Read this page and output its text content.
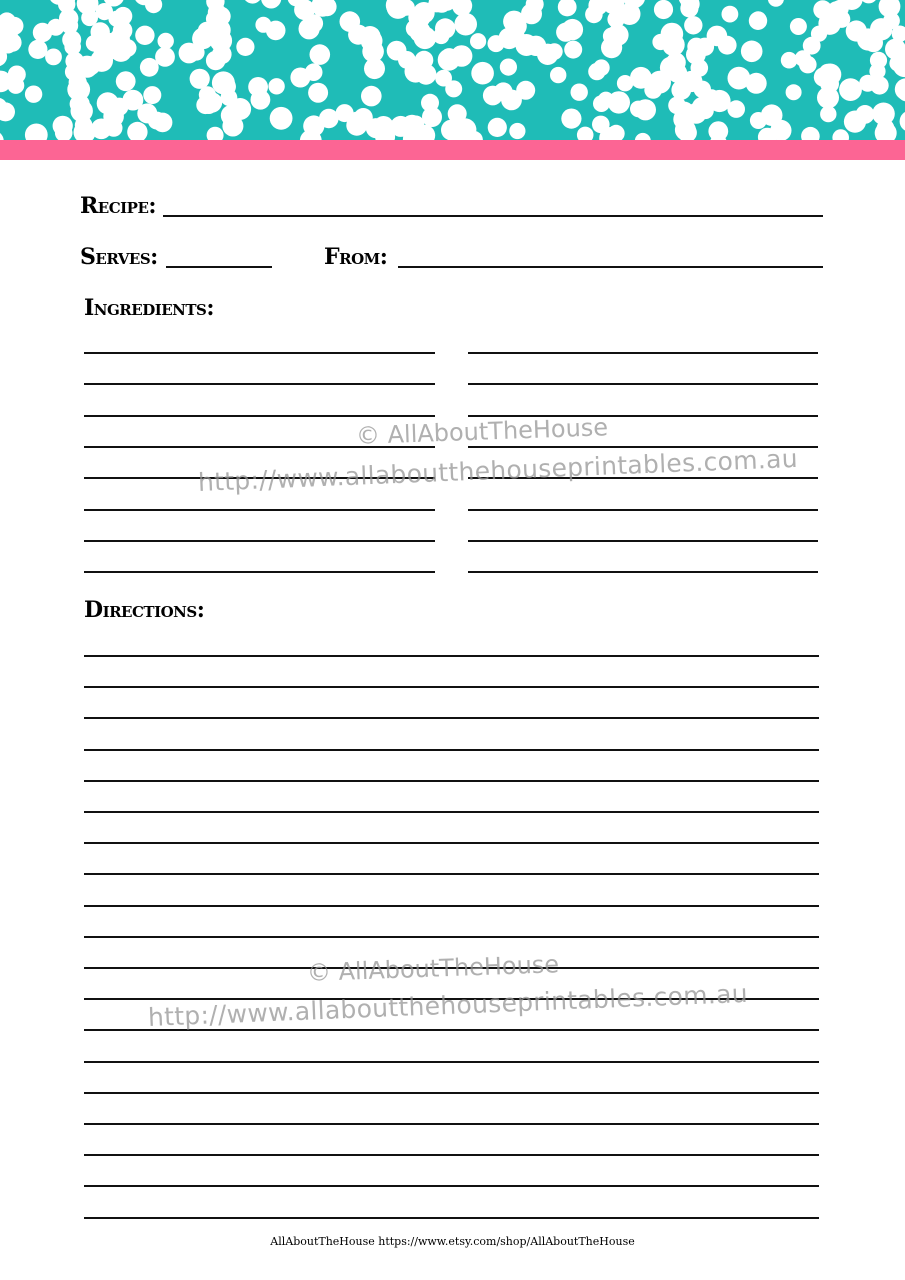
Recipe:
Serves:	From:
Ingredients:
Directions:
© AllAboutTheHouse
http://www.allaboutthehouseprintables.com.au
© AllAboutTheHouse
http://www.allaboutthehouseprintables.com.au
AllAboutTheHouse https://www.etsy.com/shop/AllAboutTheHouse
